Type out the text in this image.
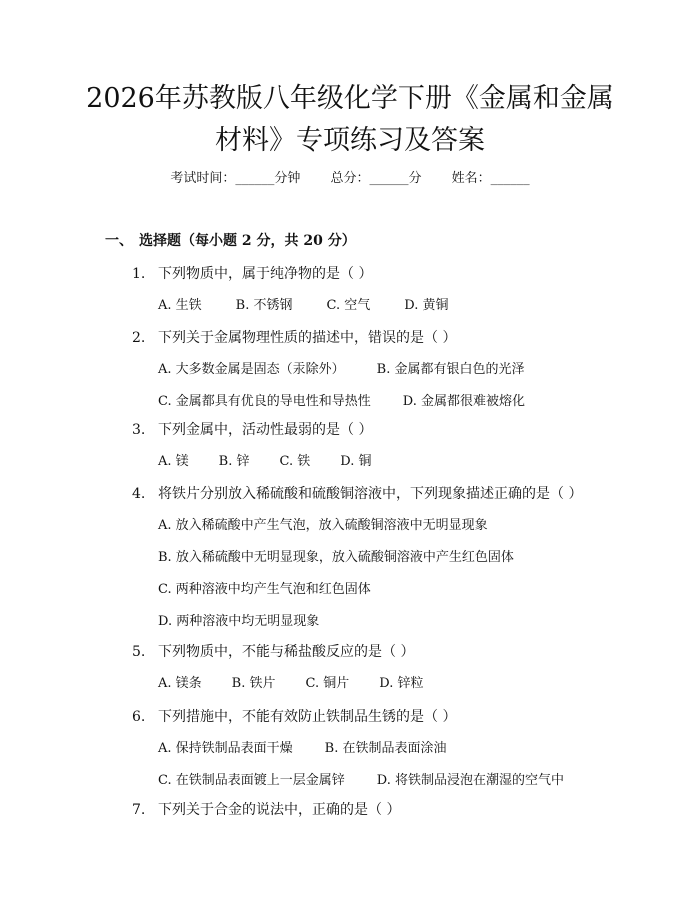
2026年苏教版八年级化学下册《金属和金属
材料》专项练习及答案
考试时间：______分钟 总分：______分 姓名：______
一、 选择题（每小题 2 分，共 20 分）
1. 下列物质中，属于纯净物的是（ ）
A. 生铁	B. 不锈钢	C. 空气	D. 黄铜
2. 下列关于金属物理性质的描述中，错误的是（ ）
A. 大多数金属是固态（汞除外） B. 金属都有银白色的光泽
C. 金属都具有优良的导电性和导热性 D. 金属都很难被熔化
3. 下列金属中，活动性最弱的是（ ）
A. 镁 B. 锌 C. 铁 D. 铜
4. 将铁片分别放入稀硫酸和硫酸铜溶液中，下列现象描述正确的是（ ）
A. 放入稀硫酸中产生气泡，放入硫酸铜溶液中无明显现象
B. 放入稀硫酸中无明显现象，放入硫酸铜溶液中产生红色固体
C. 两种溶液中均产生气泡和红色固体
D. 两种溶液中均无明显现象
5. 下列物质中，不能与稀盐酸反应的是（ ）
A. 镁条 B. 铁片 C. 铜片 D. 锌粒
6. 下列措施中，不能有效防止铁制品生锈的是（ ）
A. 保持铁制品表面干燥 B. 在铁制品表面涂油
C. 在铁制品表面镀上一层金属锌 D. 将铁制品浸泡在潮湿的空气中
7. 下列关于合金的说法中，正确的是（ ）
